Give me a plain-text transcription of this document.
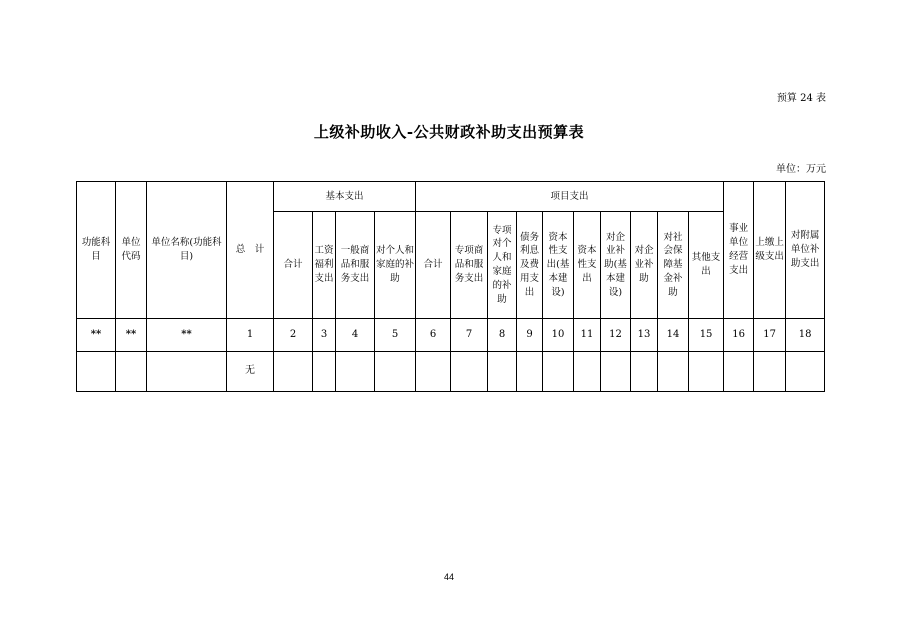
预算 24 表
上级补助收入-公共财政补助支出预算表
单位：万元
功能科目	单位代码	单位名称(功能科目)	总　计	基本支出				项目支出										事业单位经营支出	上缴上级支出	对附属单位补助支出
				合计	工资福利支出	一般商品和服务支出	对个人和家庭的补助	合计	专项商品和服务支出	专项对个人和家庭的补助	债务利息及费用支出	资本性支出(基本建设)	资本性支出	对企业补助(基本建设)	对企业补助	对社会保障基金补助	其他支出			
**	**	**	1	2	3	4	5	6	7	8	9	10	11	12	13	14	15	16	17	18
			无																	
44
